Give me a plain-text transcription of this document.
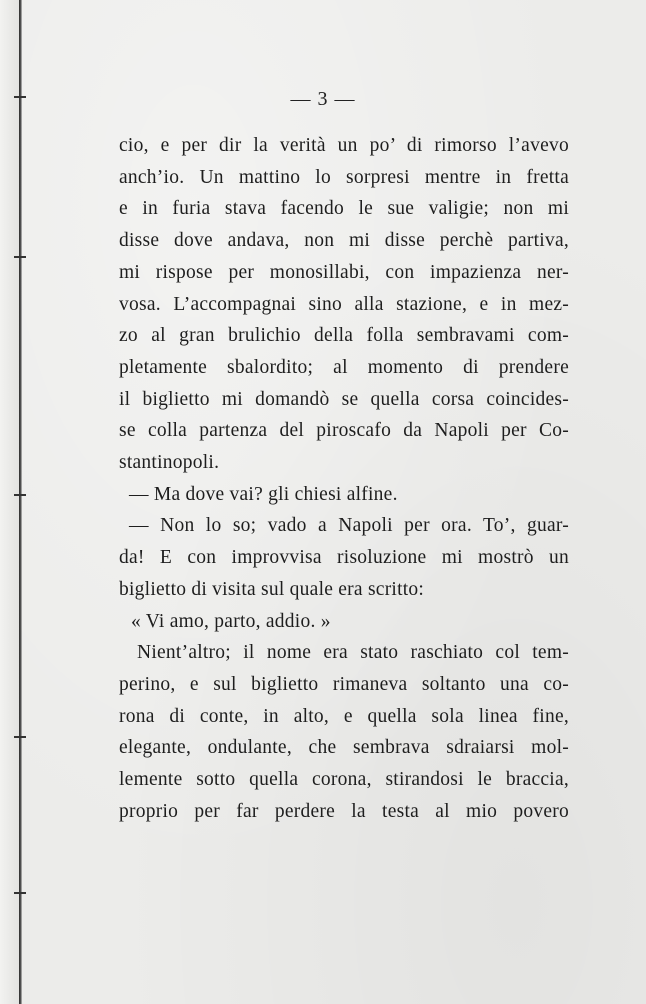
— 3 —
cio, e per dir la verità un po’ di rimorso l’avevo
anch’io. Un mattino lo sorpresi mentre in fretta
e in furia stava facendo le sue valigie; non mi
disse dove andava, non mi disse perchè partiva,
mi rispose per monosillabi, con impazienza ner-
vosa. L’accompagnai sino alla stazione, e in mez-
zo al gran brulichio della folla sembravami com-
pletamente sbalordito; al momento di prendere
il biglietto mi domandò se quella corsa coincides-
se colla partenza del piroscafo da Napoli per Co-
stantinopoli.
— Ma dove vai? gli chiesi alfine.
— Non lo so; vado a Napoli per ora. To’, guar-
da! E con improvvisa risoluzione mi mostrò un
biglietto di visita sul quale era scritto:
« Vi amo, parto, addio. »
Nient’altro; il nome era stato raschiato col tem-
perino, e sul biglietto rimaneva soltanto una co-
rona di conte, in alto, e quella sola linea fine,
elegante, ondulante, che sembrava sdraiarsi mol-
lemente sotto quella corona, stirandosi le braccia,
proprio per far perdere la testa al mio povero
